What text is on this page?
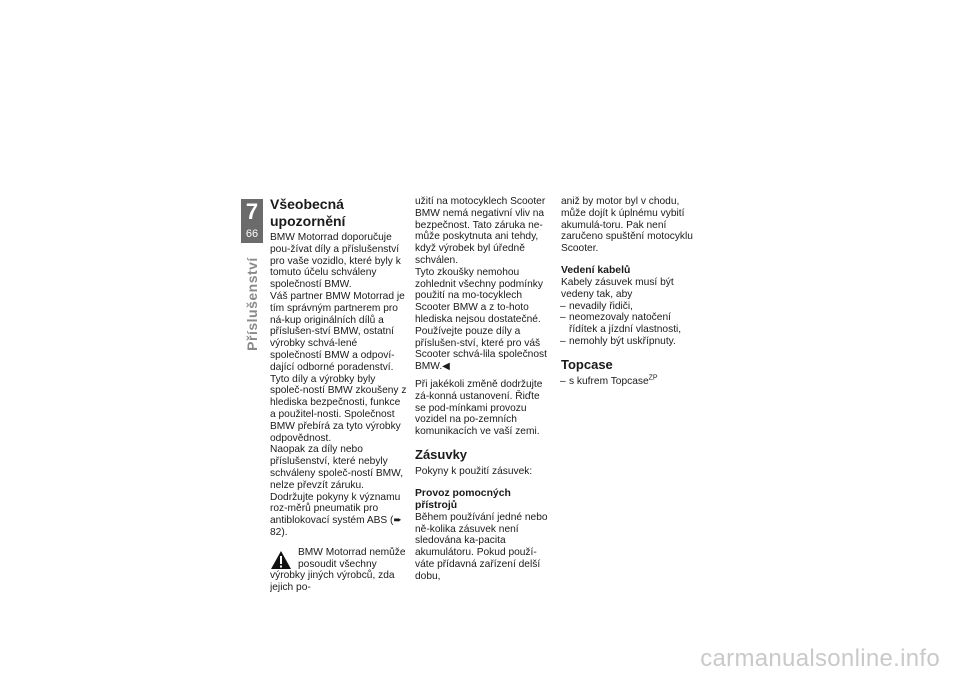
7
66
Příslušenství
Všeobecná upozornění

BMW Motorrad doporučuje pou-žívat díly a příslušenství pro vaše vozidlo, které byly k tomuto účelu schváleny společností BMW.

Váš partner BMW Motorrad je tím správným partnerem pro ná-kup originálních dílů a příslušen-ství BMW, ostatní výrobky schvá-lené společností BMW a odpoví-dající odborné poradenství.

Tyto díly a výrobky byly společ-ností BMW zkoušeny z hlediska bezpečnosti, funkce a použitel-nosti. Společnost BMW přebírá za tyto výrobky odpovědnost.

Naopak za díly nebo příslušenství, které nebyly schváleny společ-ností BMW, nelze převzít záruku.

Dodržujte pokyny k významu roz-měrů pneumatik pro antiblokovací systém ABS (➨ 82).

BMW Motorrad nemůže posoudit všechny výrobky jiných výrobců, zda jejich po-

užití na motocyklech Scooter BMW nemá negativní vliv na bezpečnost. Tato záruka ne-může poskytnuta ani tehdy, když výrobek byl úředně schválen.

Tyto zkoušky nemohou zohlednit všechny podmínky použití na mo-tocyklech Scooter BMW a z to-hoto hlediska nejsou dostatečné.

Používejte pouze díly a příslušen-ství, které pro váš Scooter schvá-lila společnost BMW.◀

Při jakékoli změně dodržujte zá-konná ustanovení. Řiďte se pod-mínkami provozu vozidel na po-zemních komunikacích ve vaší zemi.

Zásuvky

Pokyny k použití zásuvek:

Provoz pomocných přístrojů

Během používání jedné nebo ně-kolika zásuvek není sledována ka-pacita akumulátoru. Pokud použí-váte přídavná zařízení delší dobu,

aniž by motor byl v chodu, může dojít k úplnému vybití akumulá-toru. Pak není zaručeno spuštění motocyklu Scooter.

Vedení kabelů

Kabely zásuvek musí být vedeny tak, aby

– nevadily řidiči,
– neomezovaly natočení řídítek a jízdní vlastnosti,
– nemohly být uskřípnuty.
Topcase
– s kufrem Topcase$^{ZP}$
carmanualsonline.info
